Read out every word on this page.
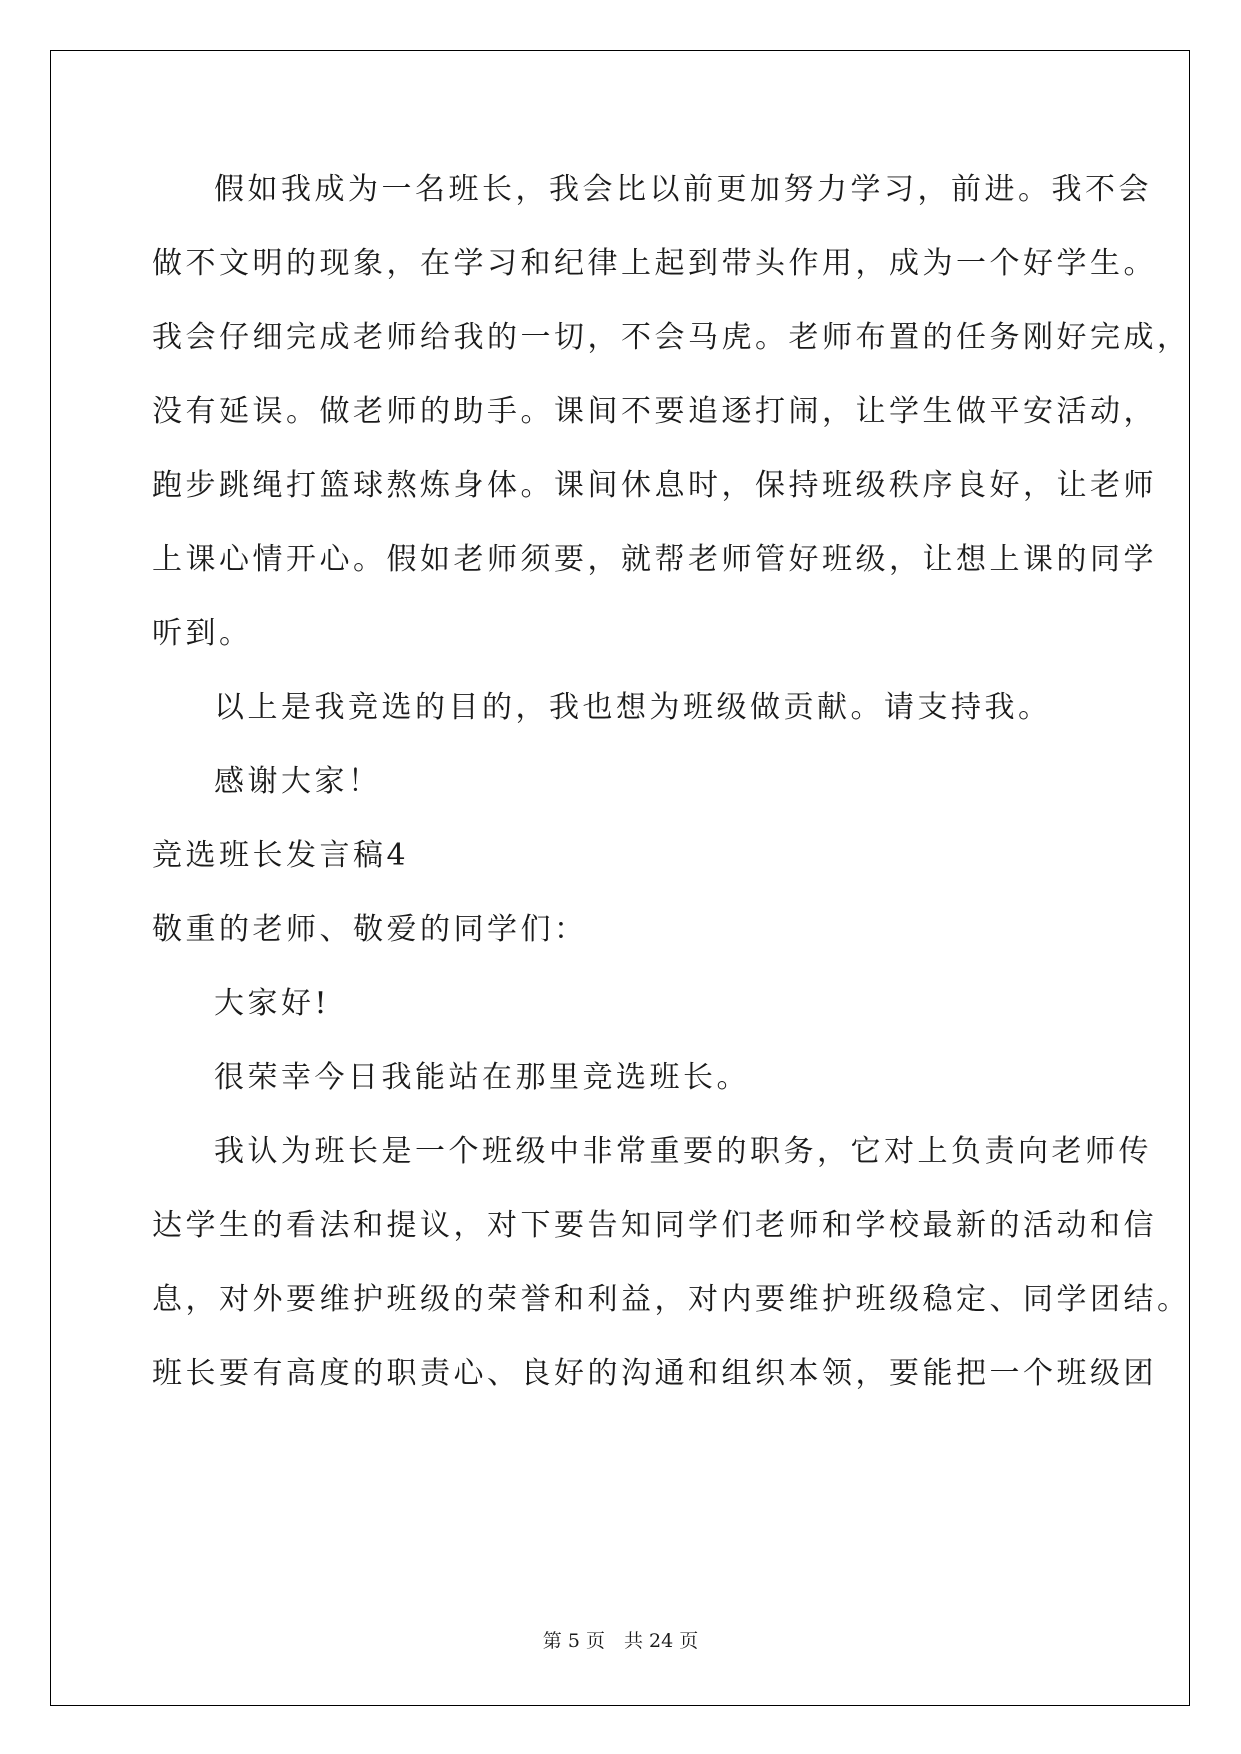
假如我成为一名班长，我会比以前更加努力学习，前进。我不会
做不文明的现象，在学习和纪律上起到带头作用，成为一个好学生。
我会仔细完成老师给我的一切，不会马虎。老师布置的任务刚好完成，
没有延误。做老师的助手。课间不要追逐打闹，让学生做平安活动，
跑步跳绳打篮球熬炼身体。课间休息时，保持班级秩序良好，让老师
上课心情开心。假如老师须要，就帮老师管好班级，让想上课的同学
听到。
以上是我竞选的目的，我也想为班级做贡献。请支持我。
感谢大家！
竞选班长发言稿4
敬重的老师、敬爱的同学们：
大家好!
很荣幸今日我能站在那里竞选班长。
我认为班长是一个班级中非常重要的职务，它对上负责向老师传
达学生的看法和提议，对下要告知同学们老师和学校最新的活动和信
息，对外要维护班级的荣誉和利益，对内要维护班级稳定、同学团结。
班长要有高度的职责心、良好的沟通和组织本领，要能把一个班级团
第 5 页　共 24 页
